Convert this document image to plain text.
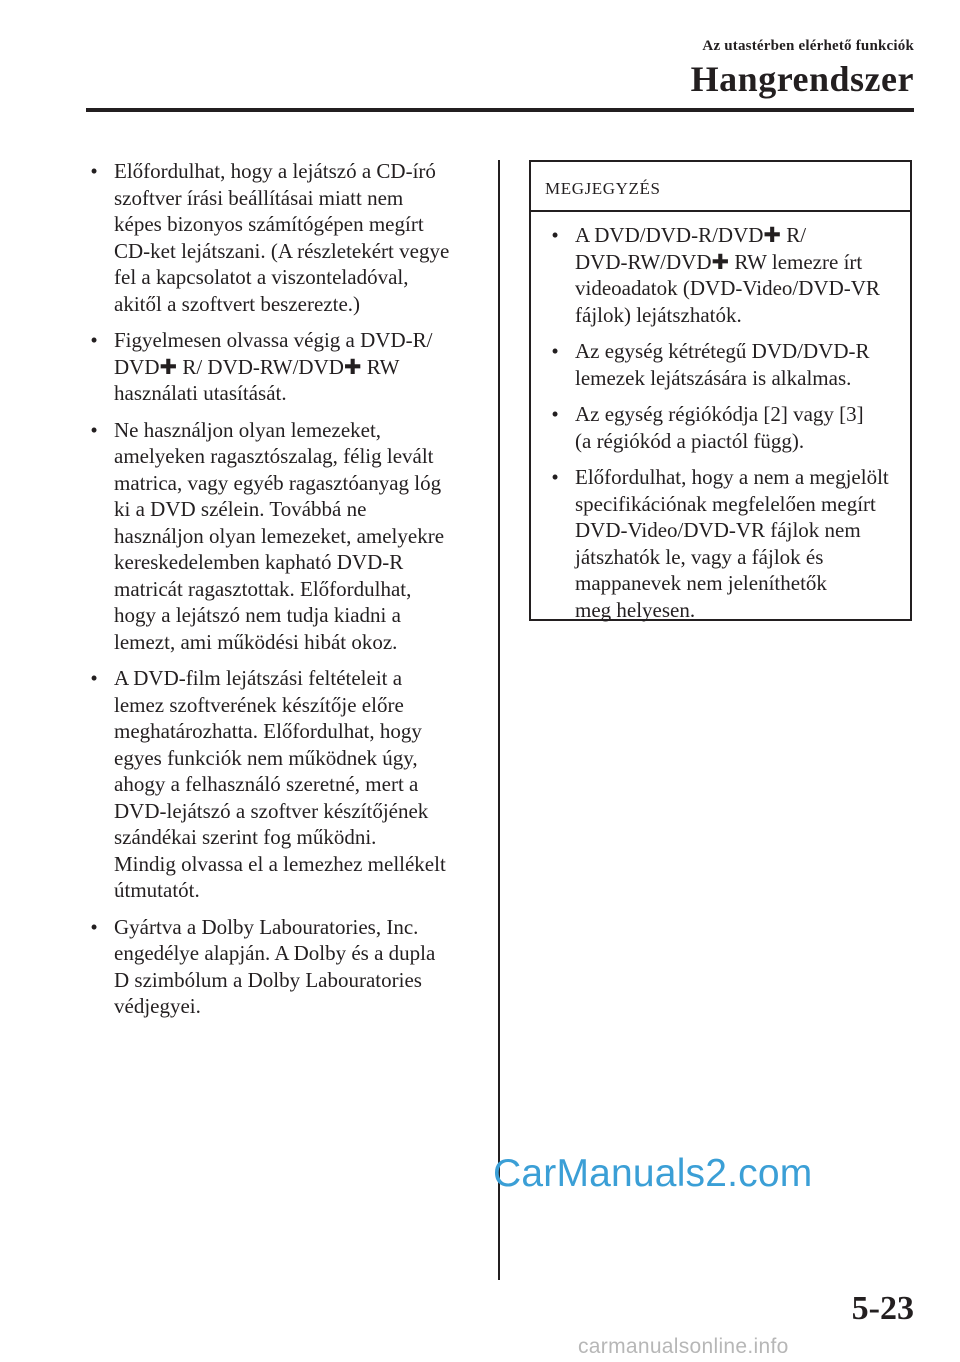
Az utastérben elérhető funkciók
Hangrendszer
• Előfordulhat, hogy a lejátszó a CD-író
szoftver írási beállításai miatt nem
képes bizonyos számítógépen megírt
CD-ket lejátszani. (A részletekért vegye
fel a kapcsolatot a viszonteladóval,
akitől a szoftvert beszerezte.)
• Figyelmesen olvassa végig a DVD-R/
DVD✚ R/ DVD-RW/DVD✚ RW
használati utasítását.
• Ne használjon olyan lemezeket,
amelyeken ragasztószalag, félig levált
matrica, vagy egyéb ragasztóanyag lóg
ki a DVD szélein. Továbbá ne
használjon olyan lemezeket, amelyekre
kereskedelemben kapható DVD-R
matricát ragasztottak. Előfordulhat,
hogy a lejátszó nem tudja kiadni a
lemezt, ami működési hibát okoz.
• A DVD-film lejátszási feltételeit a
lemez szoftverének készítője előre
meghatározhatta. Előfordulhat, hogy
egyes funkciók nem működnek úgy,
ahogy a felhasználó szeretné, mert a
DVD-lejátszó a szoftver készítőjének
szándékai szerint fog működni.
Mindig olvassa el a lemezhez mellékelt
útmutatót.
• Gyártva a Dolby Labouratories, Inc.
engedélye alapján. A Dolby és a dupla
D szimbólum a Dolby Labouratories
védjegyei.
MEGJEGYZÉS
• A DVD/DVD-R/DVD✚ R/
DVD-RW/DVD✚ RW lemezre írt
videoadatok (DVD-Video/DVD-VR
fájlok) lejátszhatók.
• Az egység kétrétegű DVD/DVD-R
lemezek lejátszására is alkalmas.
• Az egység régiókódja [2] vagy [3]
(a régiókód a piactól függ).
• Előfordulhat, hogy a nem a megjelölt
specifikációnak megfelelően megírt
DVD-Video/DVD-VR fájlok nem
játszhatók le, vagy a fájlok és
mappanevek nem jeleníthetők
meg helyesen.
CarManuals2.com
5-23
carmanualsonline.info
